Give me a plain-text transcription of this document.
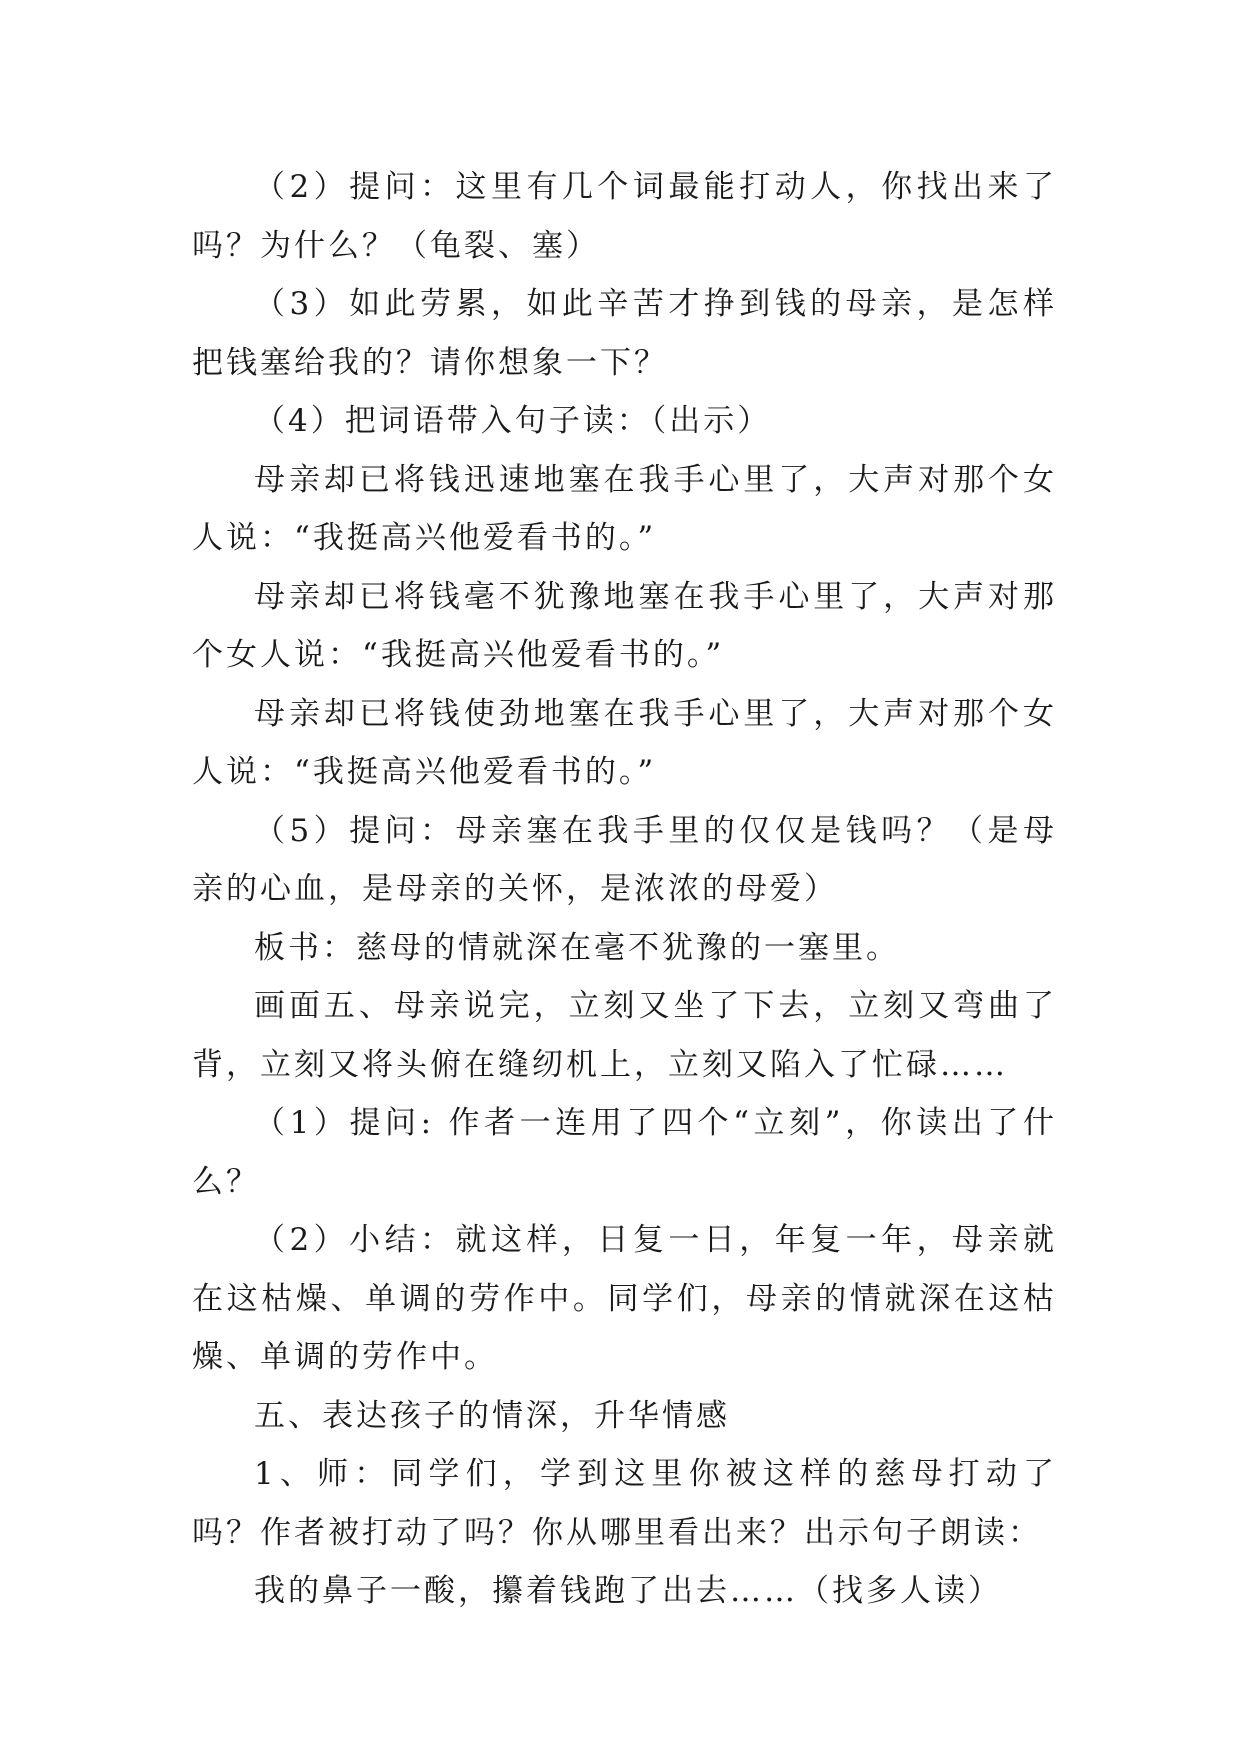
（2）提问：这里有几个词最能打动人，你找出来了吗？为什么？（龟裂、塞）

（3）如此劳累，如此辛苦才挣到钱的母亲，是怎样把钱塞给我的？请你想象一下？

（4）把词语带入句子读：（出示）

母亲却已将钱迅速地塞在我手心里了，大声对那个女人说：“我挺高兴他爱看书的。”

母亲却已将钱毫不犹豫地塞在我手心里了，大声对那个女人说：“我挺高兴他爱看书的。”

母亲却已将钱使劲地塞在我手心里了，大声对那个女人说：“我挺高兴他爱看书的。”

（5）提问：母亲塞在我手里的仅仅是钱吗？（是母亲的心血，是母亲的关怀，是浓浓的母爱）

板书：慈母的情就深在毫不犹豫的一塞里。

画面五、母亲说完，立刻又坐了下去，立刻又弯曲了背，立刻又将头俯在缝纫机上，立刻又陷入了忙碌……

（1）提问: 作者一连用了四个“立刻”，你读出了什么？

（2）小结：就这样，日复一日，年复一年，母亲就在这枯燥、单调的劳作中。同学们，母亲的情就深在这枯燥、单调的劳作中。

五、表达孩子的情深，升华情感

1、师：同学们，学到这里你被这样的慈母打动了吗？作者被打动了吗？你从哪里看出来？出示句子朗读：

我的鼻子一酸，攥着钱跑了出去……（找多人读）
